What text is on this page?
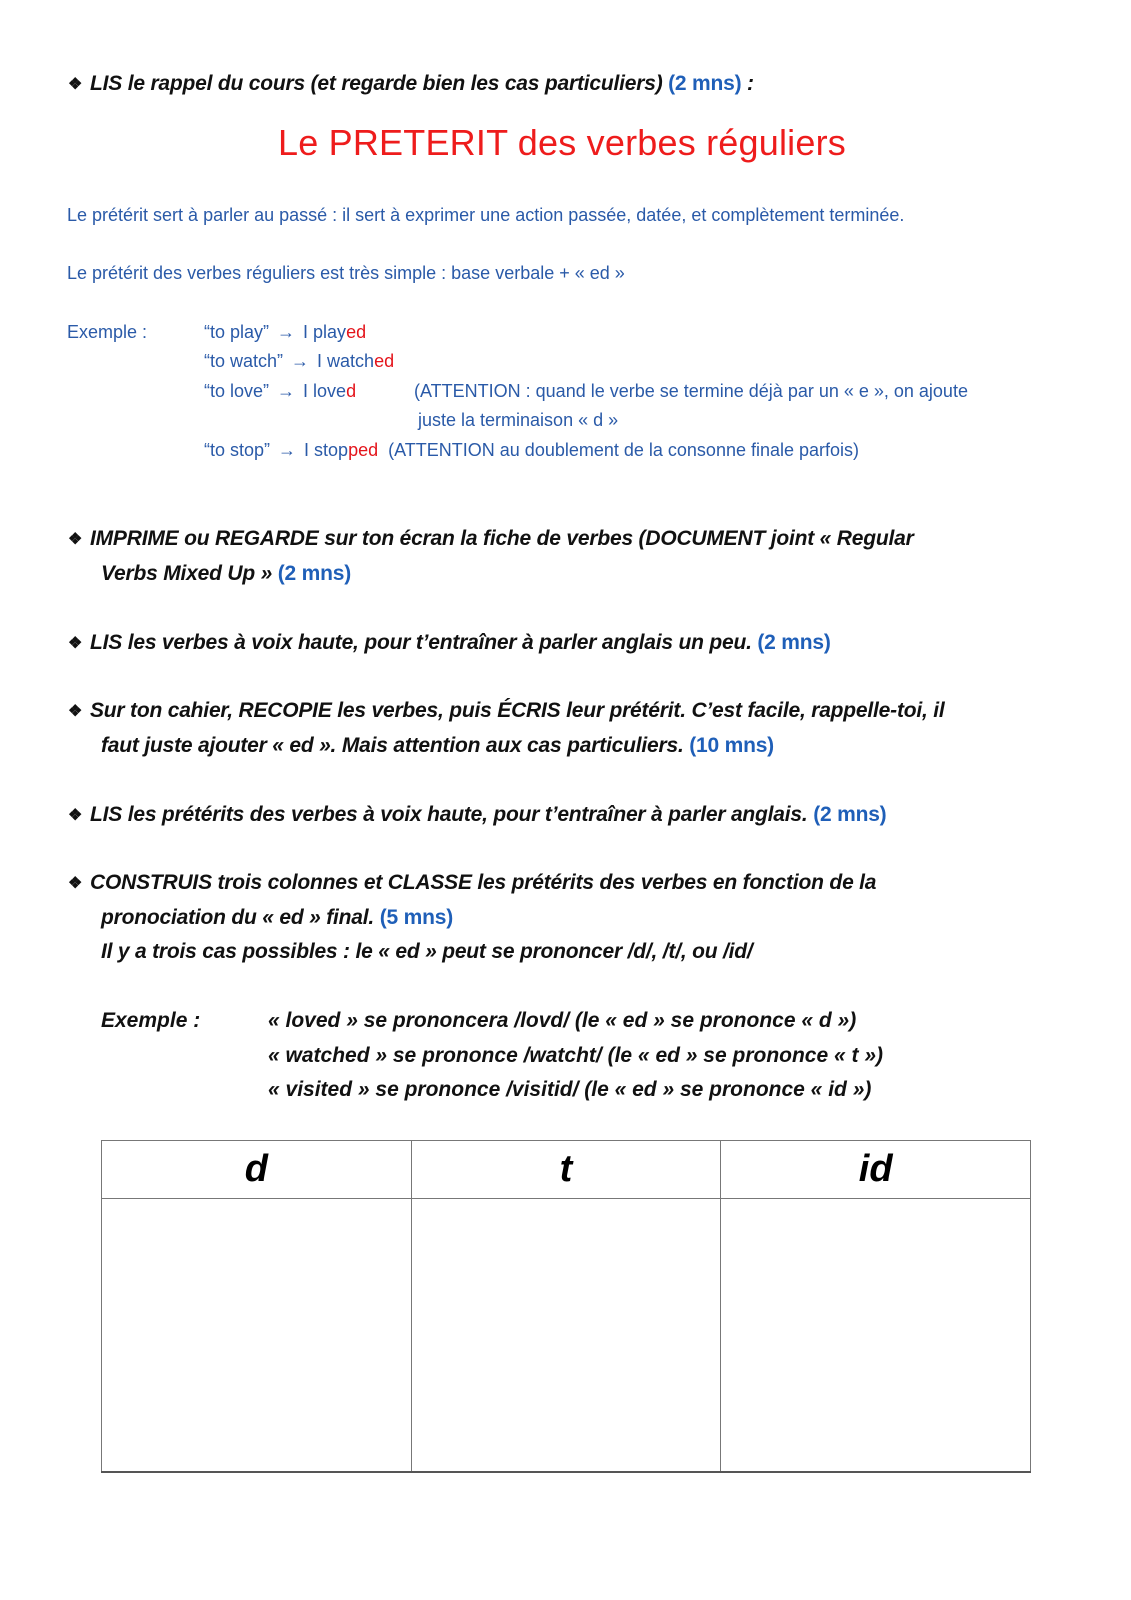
❖ LIS le rappel du cours (et regarde bien les cas particuliers) (2 mns) :
Le PRETERIT des verbes réguliers
Le prétérit sert à parler au passé : il sert à exprimer une action passée, datée, et complètement terminée.
Le prétérit des verbes réguliers est très simple : base verbale + « ed »
Exemple :	“to play” → I played
“to watch” → I watched
“to love” → I loved	(ATTENTION : quand le verbe se termine déjà par un « e », on ajoute
juste la terminaison « d »
“to stop” → I stopped (ATTENTION au doublement de la consonne finale parfois)
❖ IMPRIME ou REGARDE sur ton écran la fiche de verbes (DOCUMENT joint « Regular
Verbs Mixed Up » (2 mns)
❖ LIS les verbes à voix haute, pour t’entraîner à parler anglais un peu. (2 mns)
❖ Sur ton cahier, RECOPIE les verbes, puis ÉCRIS leur prétérit. C’est facile, rappelle-toi, il
faut juste ajouter « ed ». Mais attention aux cas particuliers. (10 mns)
❖ LIS les prétérits des verbes à voix haute, pour t’entraîner à parler anglais. (2 mns)
❖ CONSTRUIS trois colonnes et CLASSE les prétérits des verbes en fonction de la
pronociation du « ed » final. (5 mns)
Il y a trois cas possibles : le « ed » peut se prononcer /d/, /t/, ou /id/
Exemple :	« loved » se prononcera /lovd/ (le « ed » se prononce « d »)
« watched » se prononce /watcht/ (le « ed » se prononce « t »)
« visited » se prononce /visitid/ (le « ed » se prononce « id »)
d	t	id
